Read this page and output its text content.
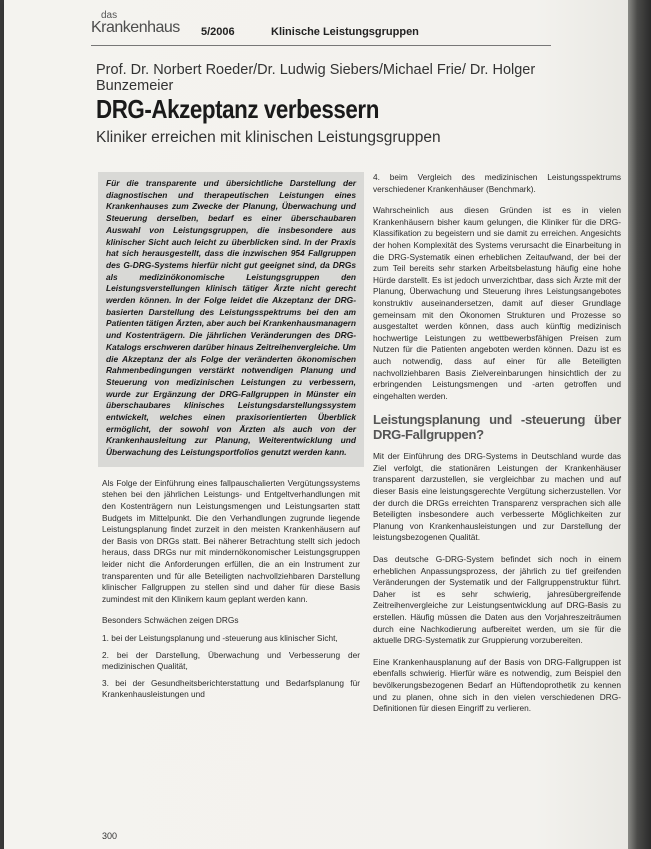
das
Krankenhaus 5/2006	Klinische Leistungsgruppen
Prof. Dr. Norbert Roeder/Dr. Ludwig Siebers/Michael Frie/ Dr. Holger Bunzemeier
DRG-Akzeptanz verbessern
Kliniker erreichen mit klinischen Leistungsgruppen
Für die transparente und übersichtliche Darstellung der diagnostischen und therapeutischen Leistungen eines Krankenhauses zum Zwecke der Planung, Überwachung und Steuerung derselben, bedarf es einer überschaubaren Auswahl von Leistungsgruppen, die insbesondere aus klinischer Sicht auch leicht zu überblicken sind. In der Praxis hat sich herausgestellt, dass die inzwischen 954 Fallgruppen des G-DRG-Systems hierfür nicht gut geeignet sind, da DRGs als medizinökonomische Leistungsgruppen den Leistungsverstellungen klinisch tätiger Ärzte nicht gerecht werden können. In der Folge leidet die Akzeptanz der DRG-basierten Darstellung des Leistungsspektrums bei den am Patienten tätigen Ärzten, aber auch bei Krankenhausmanagern und Kostenträgern. Die jährlichen Veränderungen des DRG-Katalogs erschweren darüber hinaus Zeitreihenvergleiche. Um die Akzeptanz der als Folge der veränderten ökonomischen Rahmenbedingungen verstärkt notwendigen Planung und Steuerung von medizinischen Leistungen zu verbessern, wurde zur Ergänzung der DRG-Fallgruppen in Münster ein überschaubares klinisches Leistungsdarstellungssystem entwickelt, welches einen praxisorientierten Überblick ermöglicht, der sowohl von Ärzten als auch von der Krankenhausleitung zur Planung, Weiterentwicklung und Überwachung des Leistungsportfolios genutzt werden kann.

Als Folge der Einführung eines fallpauschalierten Vergütungssystems stehen bei den jährlichen Leistungs- und Entgeltverhandlungen mit den Kostenträgern nun Leistungsmengen und Leistungsarten statt Budgets im Mittelpunkt. Die den Verhandlungen zugrunde liegende Leistungsplanung findet zurzeit in den meisten Krankenhäusern auf der Basis von DRGs statt. Bei näherer Betrachtung stellt sich jedoch heraus, dass DRGs nur mit mindernökonomischer Leistungsgruppen leider nicht die Anforderungen erfüllen, die an ein Instrument zur transparenten und für alle Beteiligten nachvollziehbaren Darstellung klinischer Fallgruppen zu stellen sind und daher für diese Basis zumindest mit den Klinikern kaum geplant werden kann.

Besonders Schwächen zeigen DRGs

1. bei der Leistungsplanung und -steuerung aus klinischer Sicht,
2. bei der Darstellung, Überwachung und Verbesserung der medizinischen Qualität,
3. bei der Gesundheitsberichterstattung und Bedarfsplanung für Krankenhausleistungen und

4. beim Vergleich des medizinischen Leistungsspektrums verschiedener Krankenhäuser (Benchmark).

Wahrscheinlich aus diesen Gründen ist es in vielen Krankenhäusern bisher kaum gelungen, die Kliniker für die DRG-Klassifikation zu begeistern und sie damit zu erreichen. Angesichts der hohen Komplexität des Systems verursacht die Einarbeitung in die DRG-Systematik einen erheblichen Zeitaufwand, der bei der zum Teil bereits sehr starken Arbeitsbelastung häufig eine hohe Hürde darstellt. Es ist jedoch unverzichtbar, dass sich Ärzte mit der Planung, Überwachung und Steuerung ihres Leistungsangebotes konstruktiv auseinandersetzen, damit auf dieser Grundlage gemeinsam mit den Ökonomen Strukturen und Prozesse so ausgestaltet werden können, dass auch künftig medizinisch hochwertige Leistungen zu wettbewerbsfähigen Preisen zum Nutzen für die Patienten angeboten werden können. Dazu ist es auch notwendig, dass auf einer für alle Beteiligten nachvollziehbaren Basis Zielvereinbarungen hinsichtlich der zu erbringenden Leistungsmengen und -arten getroffen und eingehalten werden.

Leistungsplanung und -steuerung über DRG-Fallgruppen?

Mit der Einführung des DRG-Systems in Deutschland wurde das Ziel verfolgt, die stationären Leistungen der Krankenhäuser transparent darzustellen, sie vergleichbar zu machen und auf dieser Basis eine leistungsgerechte Vergütung sicherzustellen. Vor der durch die DRGs erreichten Transparenz versprachen sich alle Beteiligten insbesondere auch verbesserte Möglichkeiten zur Planung von Krankenhausleistungen und zur Darstellung der leistungsbezogenen Qualität.

Das deutsche G-DRG-System befindet sich noch in einem erheblichen Anpassungsprozess, der jährlich zu tief greifenden Veränderungen der Systematik und der Fallgruppenstruktur führt. Daher ist es sehr schwierig, jahresübergreifende Zeitreihenvergleiche zur Leistungsentwicklung auf DRG-Basis zu erstellen. Häufig müssen die Daten aus den Vorjahreszeiträumen durch eine Nachkodierung aufbereitet werden, um sie für die aktuelle DRG-Systematik zur Gruppierung vorzubereiten.

Eine Krankenhausplanung auf der Basis von DRG-Fallgruppen ist ebenfalls schwierig. Hierfür wäre es notwendig, zum Beispiel den bevölkerungsbezogenen Bedarf an Hüftendoprothetik zu kennen und zu planen, ohne sich in den vielen verschiedenen DRG-Definitionen für diesen Eingriff zu verlieren.

300
